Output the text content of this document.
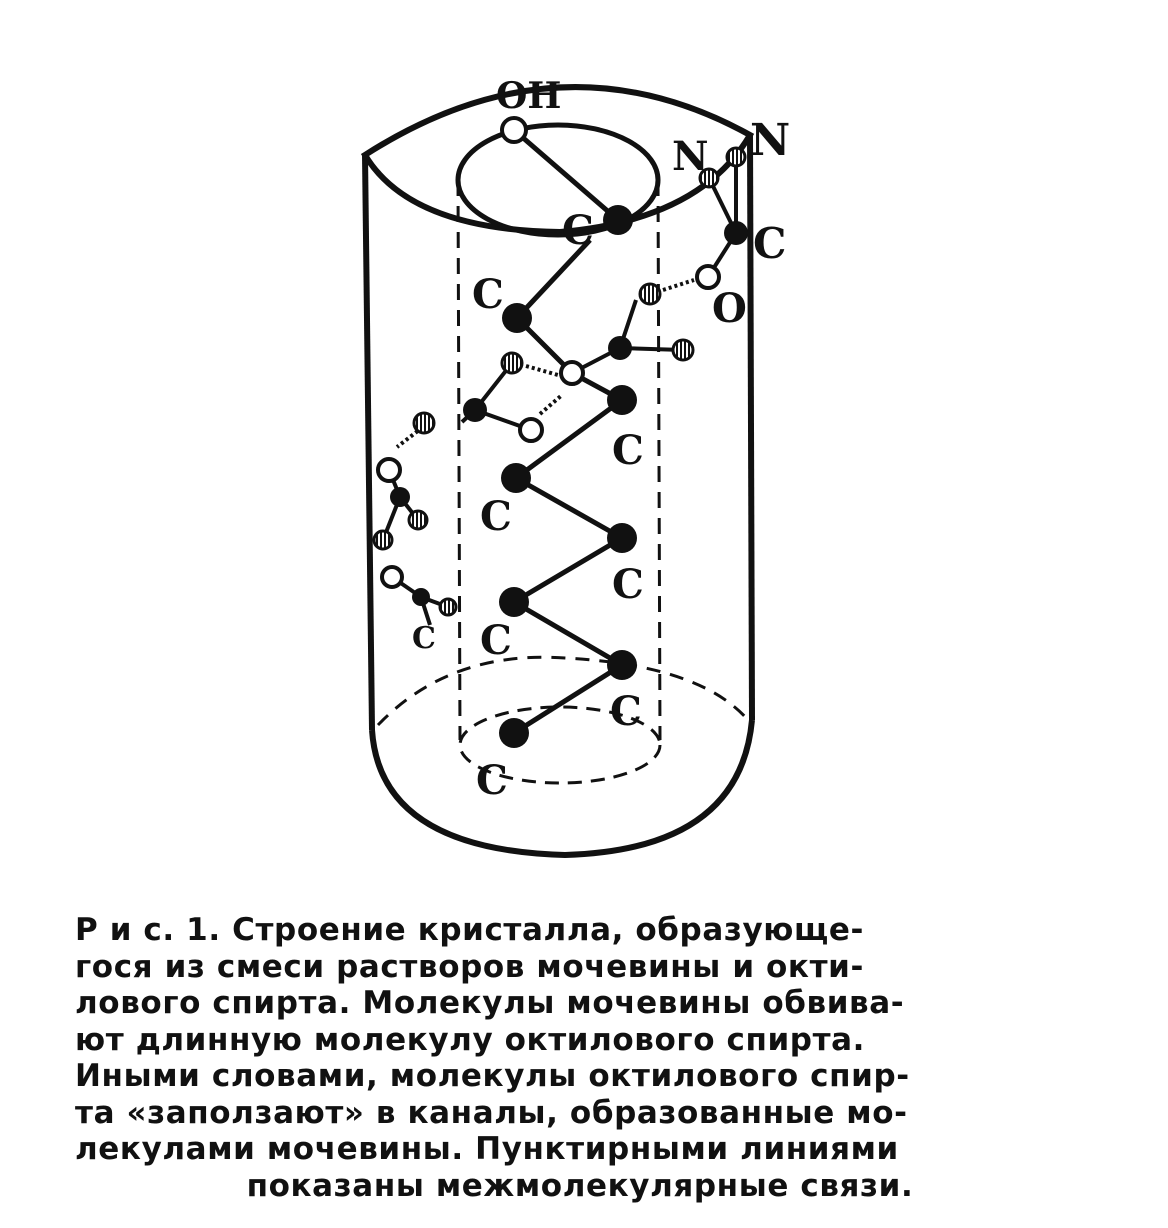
OH
N N
C
O
C
C
C
C
C
C
C
C
C
Р и с. 1. Строение кристалла, образующе-
гося из смеси растворов мочевины и окти-
лового спирта. Молекулы мочевины обвива-
ют длинную молекулу октилового спирта.
Иными словами, молекулы октилового спир-
та «заползают» в каналы, образованные мо-
лекулами мочевины. Пунктирными линиями
показаны межмолекулярные связи.
